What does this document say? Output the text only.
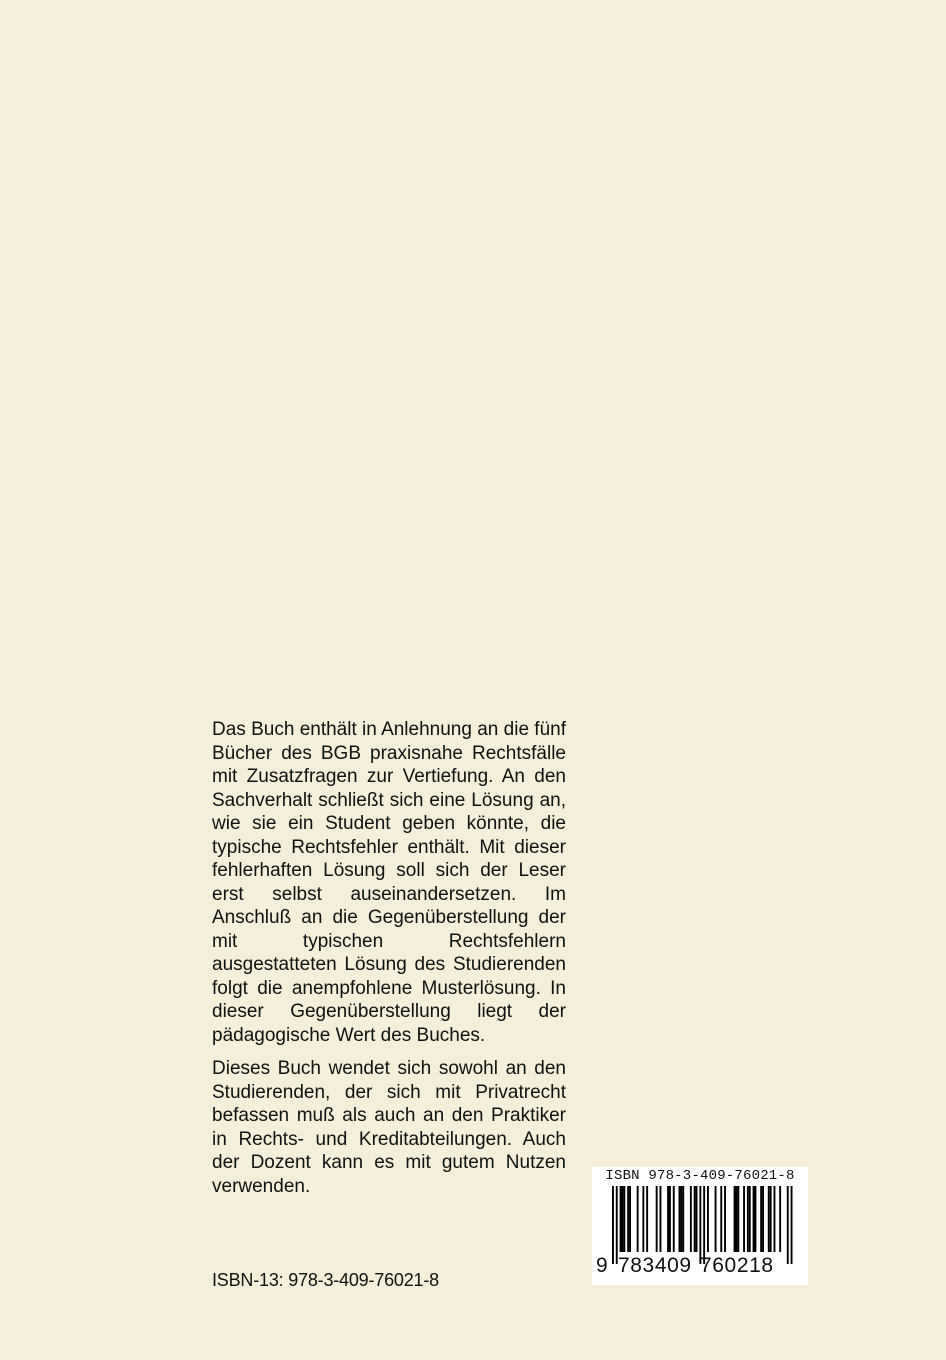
Das Buch enthält in Anlehnung an die fünf Bücher des BGB praxisnahe Rechtsfälle mit Zusatzfragen zur Vertiefung. An den Sachverhalt schließt sich eine Lösung an, wie sie ein Student geben könnte, die typische Rechtsfehler enthält. Mit dieser fehlerhaften Lösung soll sich der Leser erst selbst auseinandersetzen. Im Anschluß an die Gegenüberstellung der mit typischen Rechtsfehlern ausgestatteten Lösung des Studierenden folgt die anempfohlene Musterlösung. In dieser Gegenüberstellung liegt der pädagogische Wert des Buches.

Dieses Buch wendet sich sowohl an den Studierenden, der sich mit Privatrecht befassen muß als auch an den Praktiker in Rechts- und Kreditabteilungen. Auch der Dozent kann es mit gutem Nutzen verwenden.

ISBN-13: 978-3-409-76021-8
ISBN 978-3-409-76021-8
9 783409 760218
